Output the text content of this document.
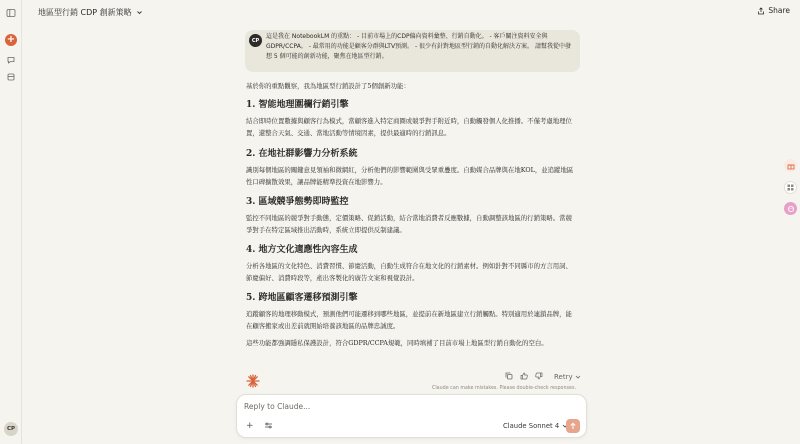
+
CP
地區型行銷 CDP 創新策略	Share
CP
這是我在 NotebookLM 的重點： - 目前市場上的CDP偏向資料彙整、行銷自動化。 - 客戶關注資料安全與GDPR/CCPA。 - 最常用的功能是顧客分群與LTV預測。 - 很少有針對地區型行銷的自動化解決方案。 請幫我從中發想 5 個可能的創新功能，聚焦在地區型行銷。
基於你的重點觀察，我為地區型行銷設計了5個創新功能：
1. 智能地理圍欄行銷引擎
結合即時位置數據與顧客行為模式，當顧客進入特定商圈或競爭對手附近時，自動觸發個人化推播。不僅考慮地理位置，還整合天氣、交通、當地活動等情境因素，提供最適時的行銷訊息。
2. 在地社群影響力分析系統
識別每個地區的關鍵意見領袖和微網紅，分析他們的影響範圍與受眾重疊度。自動媒合品牌與在地KOL，並追蹤地區性口碑擴散效果，讓品牌能精準投資在地影響力。
3. 區域競爭態勢即時監控
監控不同地區的競爭對手動態，定價策略、促銷活動，結合當地消費者反應數據，自動調整該地區的行銷策略。當競爭對手在特定區域推出活動時，系統立即提供反制建議。
4. 地方文化適應性內容生成
分析各地區的文化特色、消費習慣、節慶活動，自動生成符合在地文化的行銷素材。例如針對不同縣市的方言用詞、節慶偏好、消費時段等，產出客製化的廣告文案和視覺設計。
5. 跨地區顧客遷移預測引擎
追蹤顧客的地理移動模式，預測他們可能遷移到哪些地區，並提前在新地區建立行銷觸點。特別適用於連鎖品牌，能在顧客搬家或出差前就開始培養該地區的品牌忠誠度。
這些功能都強調隱私保護設計，符合GDPR/CCPA規範，同時填補了目前市場上地區型行銷自動化的空白。
Retry
Claude can make mistakes. Please double-check responses.
Reply to Claude...
+	Claude Sonnet 4
